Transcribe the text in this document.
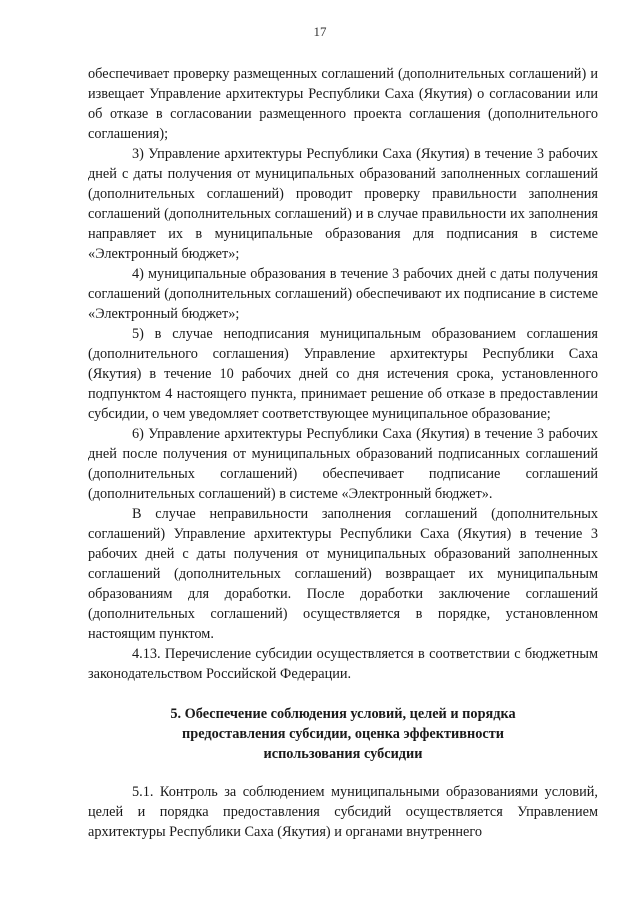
17

обеспечивает проверку размещенных соглашений (дополнительных соглашений) и извещает Управление архитектуры Республики Саха (Якутия) о согласовании или об отказе в согласовании размещенного проекта соглашения (дополнительного соглашения);

3) Управление архитектуры Республики Саха (Якутия) в течение 3 рабочих дней с даты получения от муниципальных образований заполненных соглашений (дополнительных соглашений) проводит проверку правильности заполнения соглашений (дополнительных соглашений) и в случае правильности их заполнения направляет их в муниципальные образования для подписания в системе «Электронный бюджет»;

4) муниципальные образования в течение 3 рабочих дней с даты получения соглашений (дополнительных соглашений) обеспечивают их подписание в системе «Электронный бюджет»;

5) в случае неподписания муниципальным образованием соглашения (дополнительного соглашения) Управление архитектуры Республики Саха (Якутия) в течение 10 рабочих дней со дня истечения срока, установленного подпунктом 4 настоящего пункта, принимает решение об отказе в предоставлении субсидии, о чем уведомляет соответствующее муниципальное образование;

6) Управление архитектуры Республики Саха (Якутия) в течение 3 рабочих дней после получения от муниципальных образований подписанных соглашений (дополнительных соглашений) обеспечивает подписание соглашений (дополнительных соглашений) в системе «Электронный бюджет».

В случае неправильности заполнения соглашений (дополнительных соглашений) Управление архитектуры Республики Саха (Якутия) в течение 3 рабочих дней с даты получения от муниципальных образований заполненных соглашений (дополнительных соглашений) возвращает их муниципальным образованиям для доработки. После доработки заключение соглашений (дополнительных соглашений) осуществляется в порядке, установленном настоящим пунктом.

4.13. Перечисление субсидии осуществляется в соответствии с бюджетным законодательством Российской Федерации.

5. Обеспечение соблюдения условий, целей и порядка
предоставления субсидии, оценка эффективности
использования субсидии

5.1. Контроль за соблюдением муниципальными образованиями условий, целей и порядка предоставления субсидий осуществляется Управлением архитектуры Республики Саха (Якутия) и органами внутреннего
